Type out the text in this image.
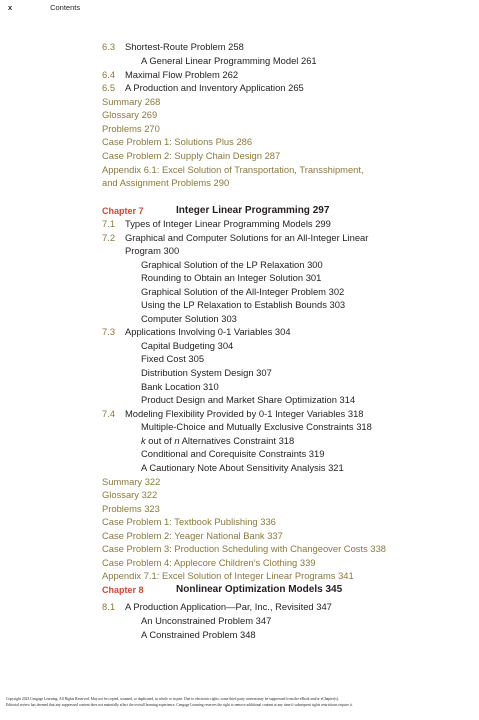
x	Contents
6.3 Shortest-Route Problem 258
A General Linear Programming Model 261
6.4 Maximal Flow Problem 262
6.5 A Production and Inventory Application 265
Summary 268
Glossary 269
Problems 270
Case Problem 1: Solutions Plus 286
Case Problem 2: Supply Chain Design 287
Appendix 6.1: Excel Solution of Transportation, Transshipment,
and Assignment Problems 290
Chapter 7	Integer Linear Programming 297
7.1 Types of Integer Linear Programming Models 299
7.2 Graphical and Computer Solutions for an All-Integer Linear
Program 300
Graphical Solution of the LP Relaxation 300
Rounding to Obtain an Integer Solution 301
Graphical Solution of the All-Integer Problem 302
Using the LP Relaxation to Establish Bounds 303
Computer Solution 303
7.3 Applications Involving 0-1 Variables 304
Capital Budgeting 304
Fixed Cost 305
Distribution System Design 307
Bank Location 310
Product Design and Market Share Optimization 314
7.4 Modeling Flexibility Provided by 0-1 Integer Variables 318
Multiple-Choice and Mutually Exclusive Constraints 318
k out of n Alternatives Constraint 318
Conditional and Corequisite Constraints 319
A Cautionary Note About Sensitivity Analysis 321
Summary 322
Glossary 322
Problems 323
Case Problem 1: Textbook Publishing 336
Case Problem 2: Yeager National Bank 337
Case Problem 3: Production Scheduling with Changeover Costs 338
Case Problem 4: Applecore Children’s Clothing 339
Appendix 7.1: Excel Solution of Integer Linear Programs 341
Chapter 8	Nonlinear Optimization Models 345
8.1 A Production Application—Par, Inc., Revisited 347
An Unconstrained Problem 347
A Constrained Problem 348
Copyright 2023 Cengage Learning. All Rights Reserved. May not be copied, scanned, or duplicated, in whole or in part. Due to electronic rights, some third party content may be suppressed from the eBook and/or eChapter(s).
Editorial review has deemed that any suppressed content does not materially affect the overall learning experience. Cengage Learning reserves the right to remove additional content at any time if subsequent rights restrictions require it.
